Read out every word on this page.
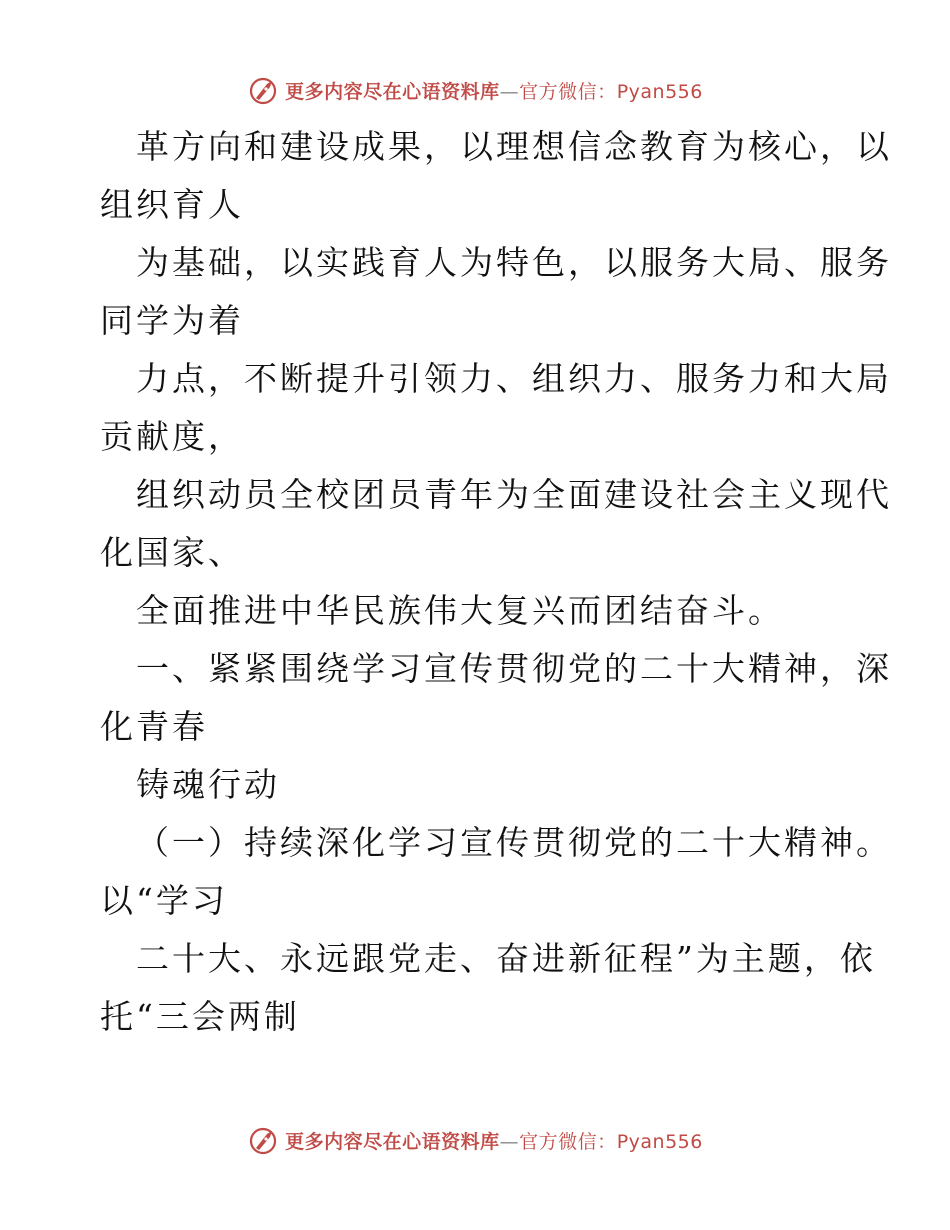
更多内容尽在心语资料库—官方微信：Pyan556

革方向和建设成果，以理想信念教育为核心，以
组织育人

为基础，以实践育人为特色，以服务大局、服务
同学为着

力点，不断提升引领力、组织力、服务力和大局
贡献度，

组织动员全校团员青年为全面建设社会主义现代
化国家、

全面推进中华民族伟大复兴而团结奋斗。

一、紧紧围绕学习宣传贯彻党的二十大精神，深
化青春

铸魂行动

（一）持续深化学习宣传贯彻党的二十大精神。
以“学习

二十大、永远跟党走、奋进新征程”为主题，依
托“三会两制

更多内容尽在心语资料库—官方微信：Pyan556
